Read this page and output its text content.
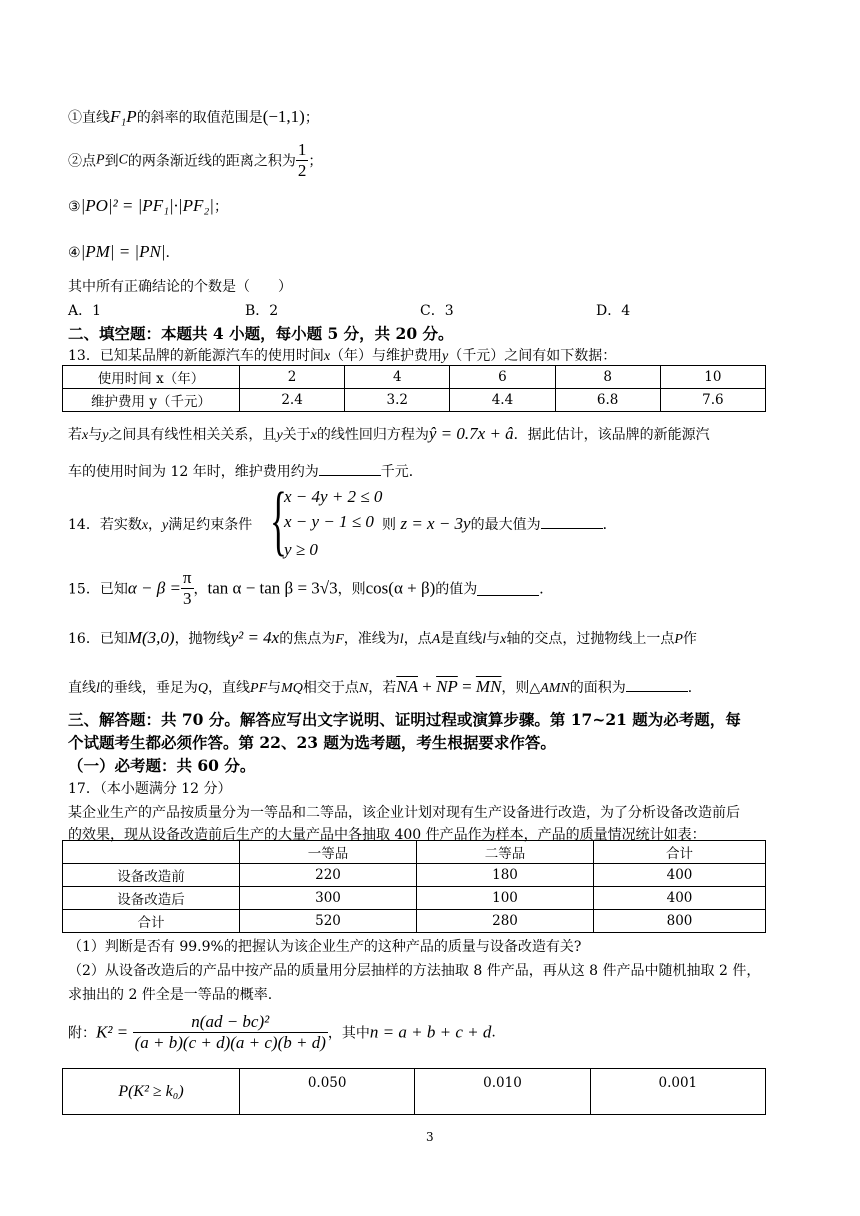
①直线F₁P的斜率的取值范围是(−1,1)；
②点P到C的两条渐近线的距离之积为 $\frac{1}{2}$ ；
③|PO|² = |PF₁|·|PF₂|；
④|PM| = |PN|.
其中所有正确结论的个数是（　　）
A．1	B．2	C．3	D．4
二、填空题：本题共 4 小题，每小题 5 分，共 20 分。
13．已知某品牌的新能源汽车的使用时间x（年）与维护费用y（千元）之间有如下数据：
使用时间 x（年）	2	4	6	8	10
维护费用 y（千元）	2.4	3.2	4.4	6.8	7.6
若x与y之间具有线性相关关系，且y关于x的线性回归方程为ŷ = 0.7x + â．据此估计，该品牌的新能源汽
车的使用时间为 12 年时，维护费用约为	千元．
14．若实数x，y满足约束条件 {
x − 4y + 2 ≤ 0
x − y − 1 ≤ 0
y ≥ 0
则 z = x − 3y的最大值为	．
15．已知$\alpha - \beta = \frac{\pi}{3}$ ，tan α − tan β = 3√3，则cos(α + β)的值为	．
16．已知M(3,0)，抛物线y² = 4x的焦点为F，准线为l，点A是直线l与x轴的交点，过抛物线上一点P作
直线l的垂线，垂足为Q，直线PF与MQ相交于点N，若$\overline{NA} + \overline{NP} = \overline{MN}$，则△AMN的面积为	．
三、解答题：共 70 分。解答应写出文字说明、证明过程或演算步骤。第 17~21 题为必考题，每
个试题考生都必须作答。第 22、23 题为选考题，考生根据要求作答。
（一）必考题：共 60 分。
17．（本小题满分 12 分）
某企业生产的产品按质量分为一等品和二等品，该企业计划对现有生产设备进行改造，为了分析设备改造前后
的效果，现从设备改造前后生产的大量产品中各抽取 400 件产品作为样本，产品的质量情况统计如表：
	一等品	二等品	合计
设备改造前	220	180	400
设备改造后	300	100	400
合计	520	280	800
（1）判断是否有 99.9%的把握认为该企业生产的这种产品的质量与设备改造有关?
（2）从设备改造后的产品中按产品的质量用分层抽样的方法抽取 8 件产品，再从这 8 件产品中随机抽取 2 件，
求抽出的 2 件全是一等品的概率.
附：$K^2 = \frac{\text{n(ad − bc)²}}{(a + b)(c + d)(a + c)(b + d)}$ ，其中n = a + b + c + d.
P(K² ≥ k₀)	0.050	0.010	0.001
3
